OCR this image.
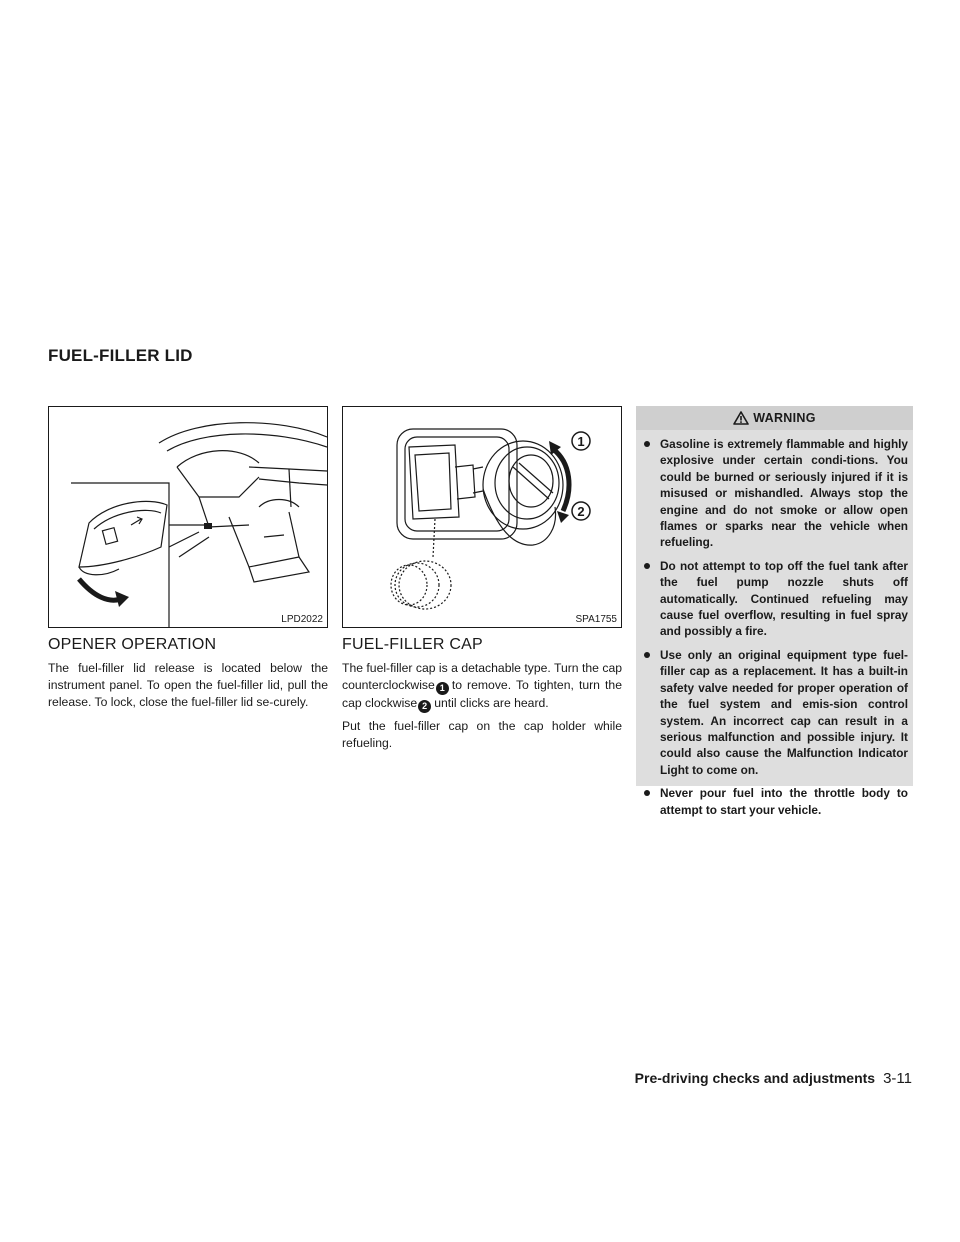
FUEL-FILLER LID
LPD2022
1
2
SPA1755
OPENER OPERATION

The fuel-filler lid release is located below the instrument panel. To open the fuel-filler lid, pull the release. To lock, close the fuel-filler lid se-curely.

FUEL-FILLER CAP

The fuel-filler cap is a detachable type. Turn the cap counterclockwise 1 to remove. To tighten, turn the cap clockwise 2 until clicks are heard.

Put the fuel-filler cap on the cap holder while refueling.

WARNING
Gasoline is extremely flammable and highly explosive under certain condi-tions. You could be burned or seriously injured if it is misused or mishandled. Always stop the engine and do not smoke or allow open flames or sparks near the vehicle when refueling.
Do not attempt to top off the fuel tank after the fuel pump nozzle shuts off automatically. Continued refueling may cause fuel overflow, resulting in fuel spray and possibly a fire.
Use only an original equipment type fuel-filler cap as a replacement. It has a built-in safety valve needed for proper operation of the fuel system and emis-sion control system. An incorrect cap can result in a serious malfunction and possible injury. It could also cause the Malfunction Indicator Light to come on.
Never pour fuel into the throttle body to attempt to start your vehicle.
Pre-driving checks and adjustments 3-11
